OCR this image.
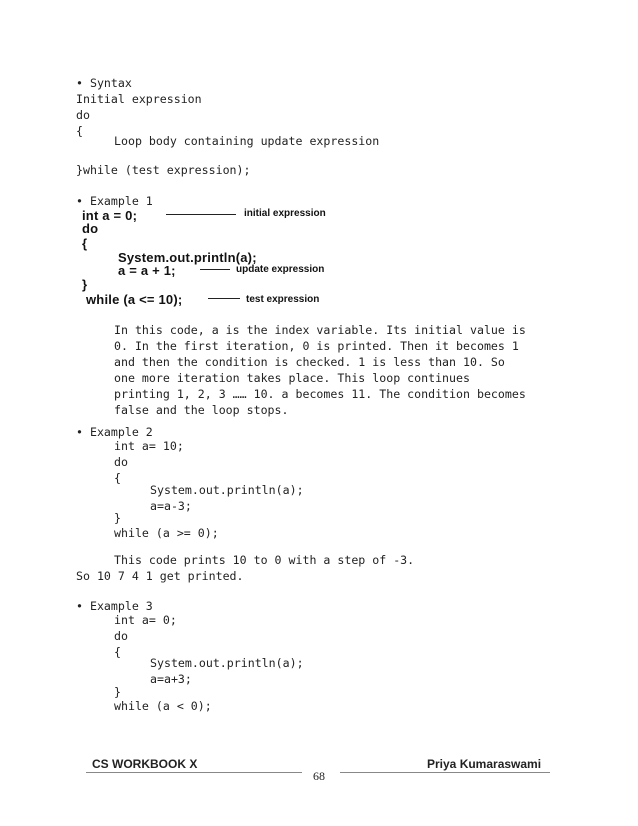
• Syntax
Initial expression
do
{
Loop body containing update expression
}while (test expression);
• Example 1
int a = 0;	initial expression
do
{
System.out.println(a);
a = a + 1;	update expression
}
while (a <= 10);	test expression
In this code, a is the index variable. Its initial value is
0. In the first iteration, 0 is printed. Then it becomes 1
and then the condition is checked. 1 is less than 10. So
one more iteration takes place. This loop continues
printing 1, 2, 3 …… 10. a becomes 11. The condition becomes
false and the loop stops.
• Example 2
int a= 10;
do
{
System.out.println(a);
a=a-3;
}
while (a >= 0);
This code prints 10 to 0 with a step of -3.
So 10 7 4 1 get printed.
• Example 3
int a= 0;
do
{
System.out.println(a);
a=a+3;
}
while (a < 0);
CS WORKBOOK X
68
Priya Kumaraswami
